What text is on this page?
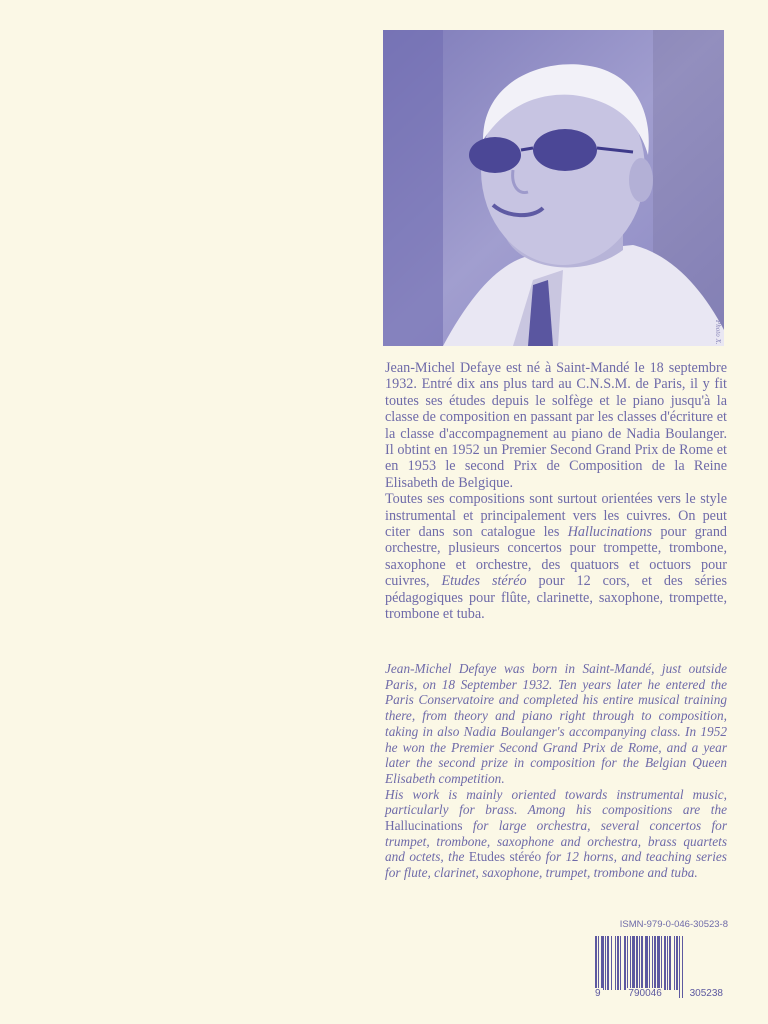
Photo X.

Jean-Michel Defaye est né à Saint-Mandé le 18 septembre 1932. Entré dix ans plus tard au C.N.S.M. de Paris, il y fit toutes ses études depuis le solfège et le piano jusqu'à la classe de composition en passant par les classes d'écriture et la classe d'accompagnement au piano de Nadia Boulanger. Il obtint en 1952 un Premier Second Grand Prix de Rome et en 1953 le second Prix de Composition de la Reine Elisabeth de Belgique.

Toutes ses compositions sont surtout orientées vers le style instrumental et principalement vers les cuivres. On peut citer dans son catalogue les Hallucinations pour grand orchestre, plusieurs concertos pour trompette, trombone, saxophone et orchestre, des quatuors et octuors pour cuivres, Etudes stéréo pour 12 cors, et des séries pédagogiques pour flûte, clarinette, saxophone, trompette, trombone et tuba.

Jean-Michel Defaye was born in Saint-Mandé, just outside Paris, on 18 September 1932. Ten years later he entered the Paris Conservatoire and completed his entire musical training there, from theory and piano right through to composition, taking in also Nadia Boulanger's accompanying class. In 1952 he won the Premier Second Grand Prix de Rome, and a year later the second prize in composition for the Belgian Queen Elisabeth competition.

His work is mainly oriented towards instrumental music, particularly for brass. Among his compositions are the Hallucinations for large orchestra, several concertos for trumpet, trombone, saxophone and orchestra, brass quartets and octets, the Etudes stéréo for 12 horns, and teaching series for flute, clarinet, saxophone, trumpet, trombone and tuba.

ISMN-979-0-046-30523-8
9	790046	305238
